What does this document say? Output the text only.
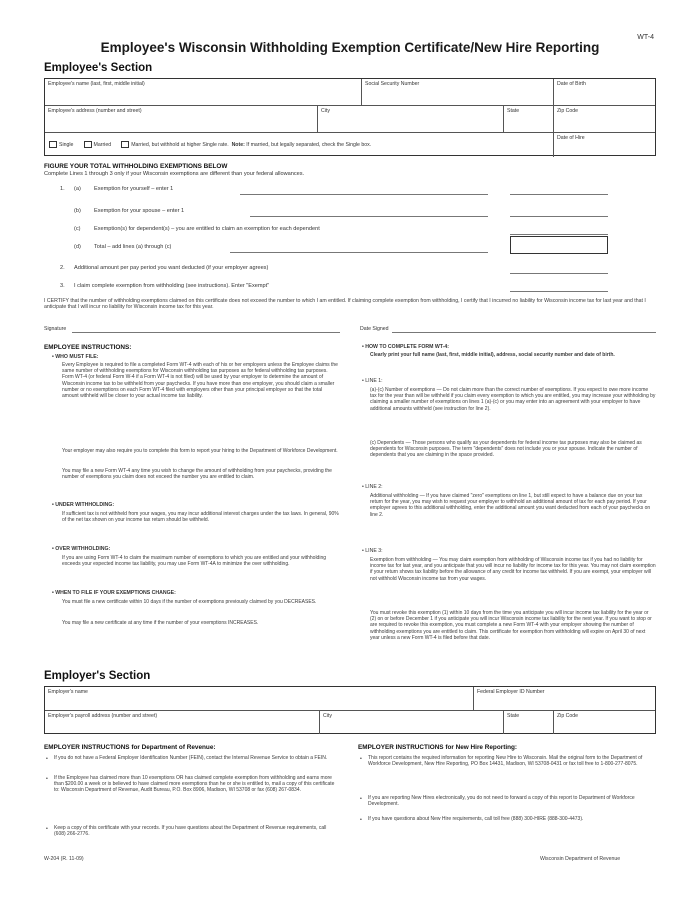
WT-4
Employee's Wisconsin Withholding Exemption Certificate/New Hire Reporting
Employee's Section
Employee's name (last, first, middle initial)	Social Security Number	Date of Birth
Employee's address (number and street)	City	State	Zip Code
Single	Married	Married, but withhold at higher Single rate. Note: If married, but legally separated, check the Single box.
Date of Hire
FIGURE YOUR TOTAL WITHHOLDING EXEMPTIONS BELOW
Complete Lines 1 through 3 only if your Wisconsin exemptions are different than your federal allowances.
1. (a) Exemption for yourself – enter 1
(b) Exemption for your spouse – enter 1
(c) Exemption(s) for dependent(s) – you are entitled to claim an exemption for each dependent
(d) Total – add lines (a) through (c)
2. Additional amount per pay period you want deducted (if your employer agrees)
3. I claim complete exemption from withholding (see instructions). Enter "Exempt"
I CERTIFY that the number of withholding exemptions claimed on this certificate does not exceed the number to which I am entitled. If claiming complete exemption from withholding, I certify that I incurred no liability for Wisconsin income tax for last year and that I anticipate that I will incur no liability for Wisconsin income tax for this year.
Signature	Date Signed
EMPLOYEE INSTRUCTIONS:
• WHO MUST FILE:
Every Employee is required to file a completed Form WT-4 with each of his or her employers unless the Employee claims the same number of withholding exemptions for Wisconsin withholding tax purposes as for federal withholding tax purposes. Form WT-4 (or federal Form W-4 if a Form WT-4 is not filed) will be used by your employer to determine the amount of Wisconsin income tax to be withheld from your paychecks. If you have more than one employer, you should claim a smaller number or no exemptions on each Form WT-4 filed with employers other than your principal employer so that the total amount withheld will be closer to your actual income tax liability.
Your employer may also require you to complete this form to report your hiring to the Department of Workforce Development.
You may file a new Form WT-4 any time you wish to change the amount of withholding from your paychecks, providing the number of exemptions you claim does not exceed the number you are entitled to claim.
• UNDER WITHHOLDING:
If sufficient tax is not withheld from your wages, you may incur additional interest charges under the tax laws. In general, 90% of the net tax shown on your income tax return should be withheld.
• OVER WITHHOLDING:
If you are using Form WT-4 to claim the maximum number of exemptions to which you are entitled and your withholding exceeds your expected income tax liability, you may use Form WT-4A to minimize the over withholding.
• WHEN TO FILE IF YOUR EXEMPTIONS CHANGE:
You must file a new certificate within 10 days if the number of exemptions previously claimed by you DECREASES.
You may file a new certificate at any time if the number of your exemptions INCREASES.
• HOW TO COMPLETE FORM WT-4:
Clearly print your full name (last, first, middle initial), address, social security number and date of birth.
• LINE 1:
(a)-(c) Number of exemptions — Do not claim more than the correct number of exemptions. If you expect to owe more income tax for the year than will be withheld if you claim every exemption to which you are entitled, you may increase your withholding by claiming a smaller number of exemptions on lines 1 (a)-(c) or you may enter into an agreement with your employer to have additional amounts withheld (see instruction for line 2).
(c) Dependents — Those persons who qualify as your dependents for federal income tax purposes may also be claimed as dependents for Wisconsin purposes. The term "dependents" does not include you or your spouse. Indicate the number of dependents that you are claiming in the space provided.
• LINE 2:
Additional withholding — If you have claimed "zero" exemptions on line 1, but still expect to have a balance due on your tax return for the year, you may wish to request your employer to withhold an additional amount of tax for each pay period. If your employer agrees to this additional withholding, enter the additional amount you want deducted from each of your paychecks on line 2.
• LINE 3:
Exemption from withholding — You may claim exemption from withholding of Wisconsin income tax if you had no liability for income tax for last year, and you anticipate that you will incur no liability for income tax for this year. You may not claim exemption if your return shows tax liability before the allowance of any credit for income tax withheld. If you are exempt, your employer will not withhold Wisconsin income tax from your wages.
You must revoke this exemption (1) within 10 days from the time you anticipate you will incur income tax liability for the year or (2) on or before December 1 if you anticipate you will incur Wisconsin income tax liability for the next year. If you want to stop or are required to revoke this exemption, you must complete a new Form WT-4 with your employer showing the number of withholding exemptions you are entitled to claim. This certificate for exemption from withholding will expire on April 30 of next year unless a new Form WT-4 is filed before that date.
Employer's Section
Employer's name	Federal Employer ID Number
Employer's payroll address (number and street)	City	State	Zip Code
EMPLOYER INSTRUCTIONS for Department of Revenue:
• If you do not have a Federal Employer Identification Number (FEIN), contact the Internal Revenue Service to obtain a FEIN.
• If the Employee has claimed more than 10 exemptions OR has claimed complete exemption from withholding and earns more than $200.00 a week or is believed to have claimed more exemptions than he or she is entitled to, mail a copy of this certificate to: Wisconsin Department of Revenue, Audit Bureau, P.O. Box 8906, Madison, WI 53708 or fax (608) 267-0834.
• Keep a copy of this certificate with your records. If you have questions about the Department of Revenue requirements, call (608) 266-2776.
EMPLOYER INSTRUCTIONS for New Hire Reporting:
• This report contains the required information for reporting New Hire to Wisconsin. Mail the original form to the Department of Workforce Development, New Hire Reporting, PO Box 14431, Madison, WI 53708-0431 or fax toll free to 1-800-277-8075.
• If you are reporting New Hires electronically, you do not need to forward a copy of this report to Department of Workforce Development.
• If you have questions about New Hire requirements, call toll free (888) 300-HIRE (888-300-4473).
W-204 (R. 11-09)	Wisconsin Department of Revenue
